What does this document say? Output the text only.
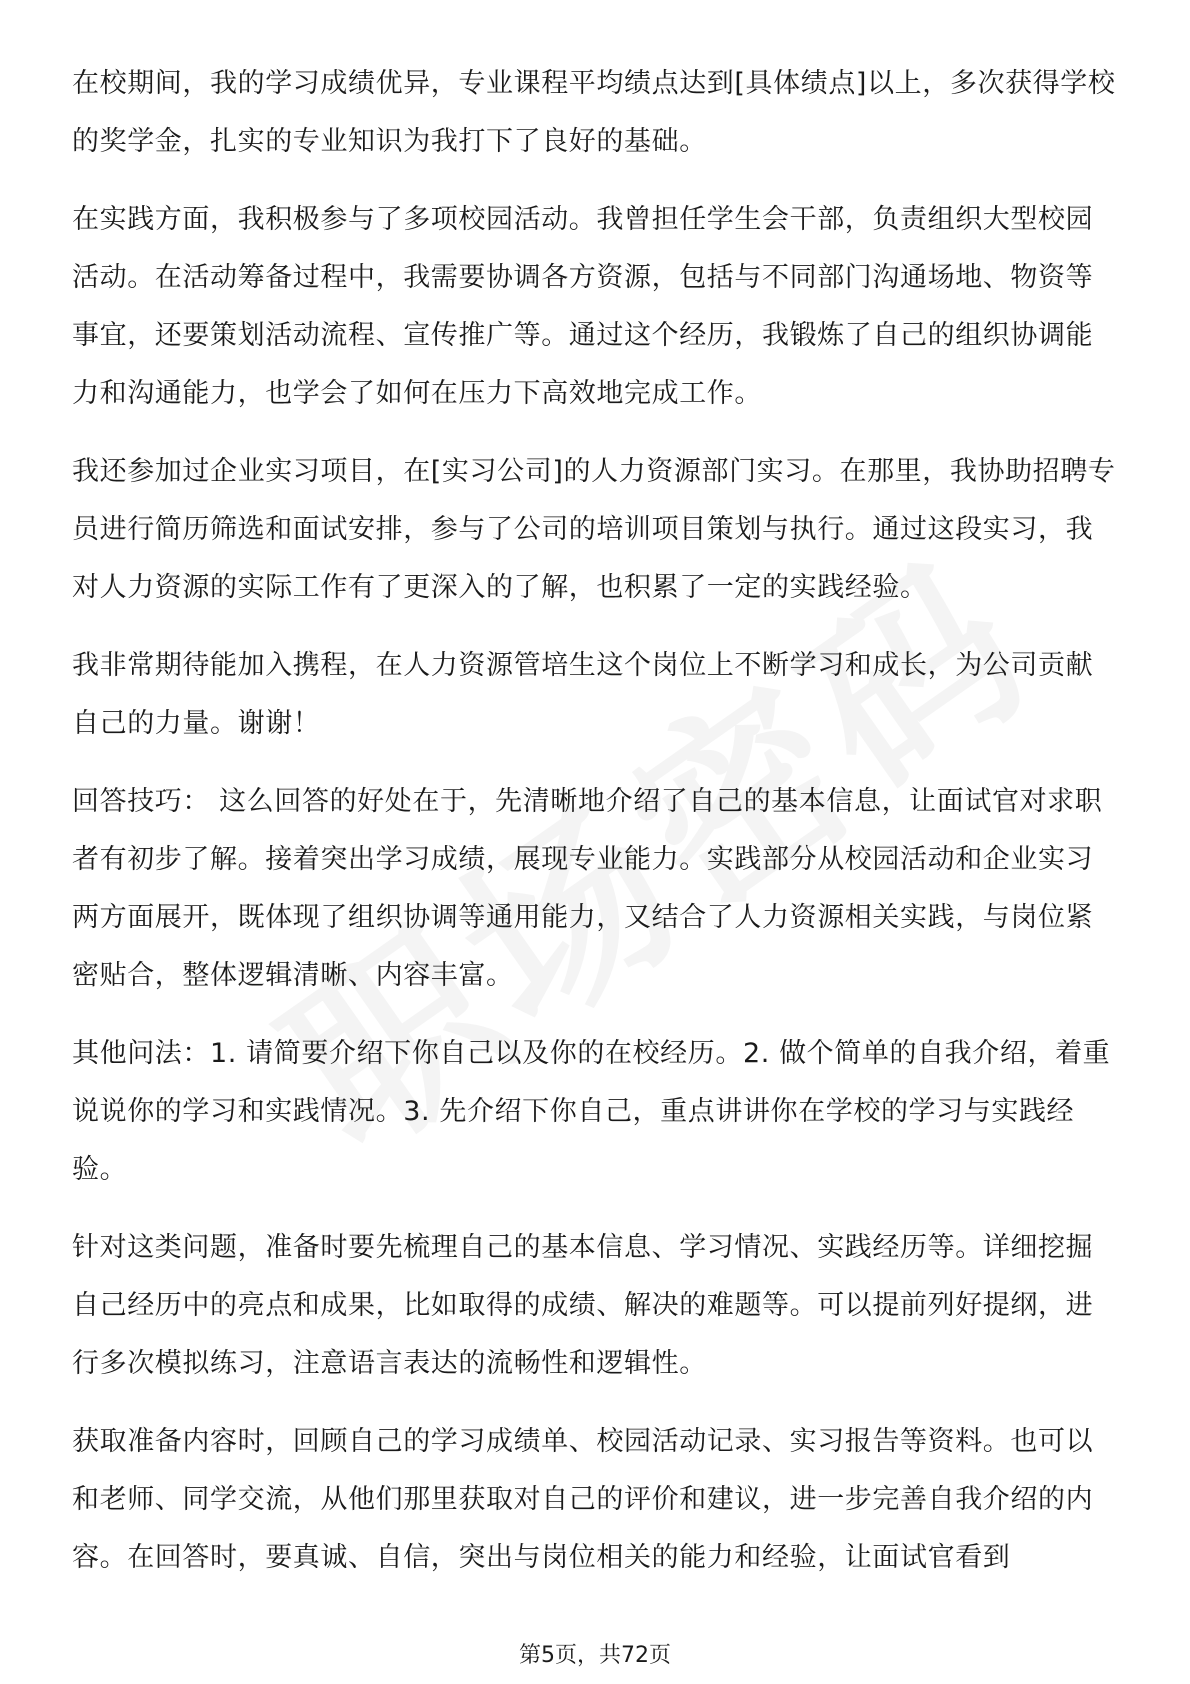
在校期间，我的学习成绩优异，专业课程平均绩点达到[具体绩点]以上，多次获得学校的奖学金，扎实的专业知识为我打下了良好的基础。

在实践方面，我积极参与了多项校园活动。我曾担任学生会干部，负责组织大型校园活动。在活动筹备过程中，我需要协调各方资源，包括与不同部门沟通场地、物资等事宜，还要策划活动流程、宣传推广等。通过这个经历，我锻炼了自己的组织协调能力和沟通能力，也学会了如何在压力下高效地完成工作。

我还参加过企业实习项目，在[实习公司]的人力资源部门实习。在那里，我协助招聘专员进行简历筛选和面试安排，参与了公司的培训项目策划与执行。通过这段实习，我对人力资源的实际工作有了更深入的了解，也积累了一定的实践经验。

我非常期待能加入携程，在人力资源管培生这个岗位上不断学习和成长，为公司贡献自己的力量。谢谢！

回答技巧： 这么回答的好处在于，先清晰地介绍了自己的基本信息，让面试官对求职者有初步了解。接着突出学习成绩，展现专业能力。实践部分从校园活动和企业实习两方面展开，既体现了组织协调等通用能力，又结合了人力资源相关实践，与岗位紧密贴合，整体逻辑清晰、内容丰富。

其他问法：1. 请简要介绍下你自己以及你的在校经历。2. 做个简单的自我介绍，着重说说你的学习和实践情况。3. 先介绍下你自己，重点讲讲你在学校的学习与实践经验。

针对这类问题，准备时要先梳理自己的基本信息、学习情况、实践经历等。详细挖掘自己经历中的亮点和成果，比如取得的成绩、解决的难题等。可以提前列好提纲，进行多次模拟练习，注意语言表达的流畅性和逻辑性。

获取准备内容时，回顾自己的学习成绩单、校园活动记录、实习报告等资料。也可以和老师、同学交流，从他们那里获取对自己的评价和建议，进一步完善自我介绍的内容。在回答时，要真诚、自信，突出与岗位相关的能力和经验，让面试官看到

第5页，共72页
